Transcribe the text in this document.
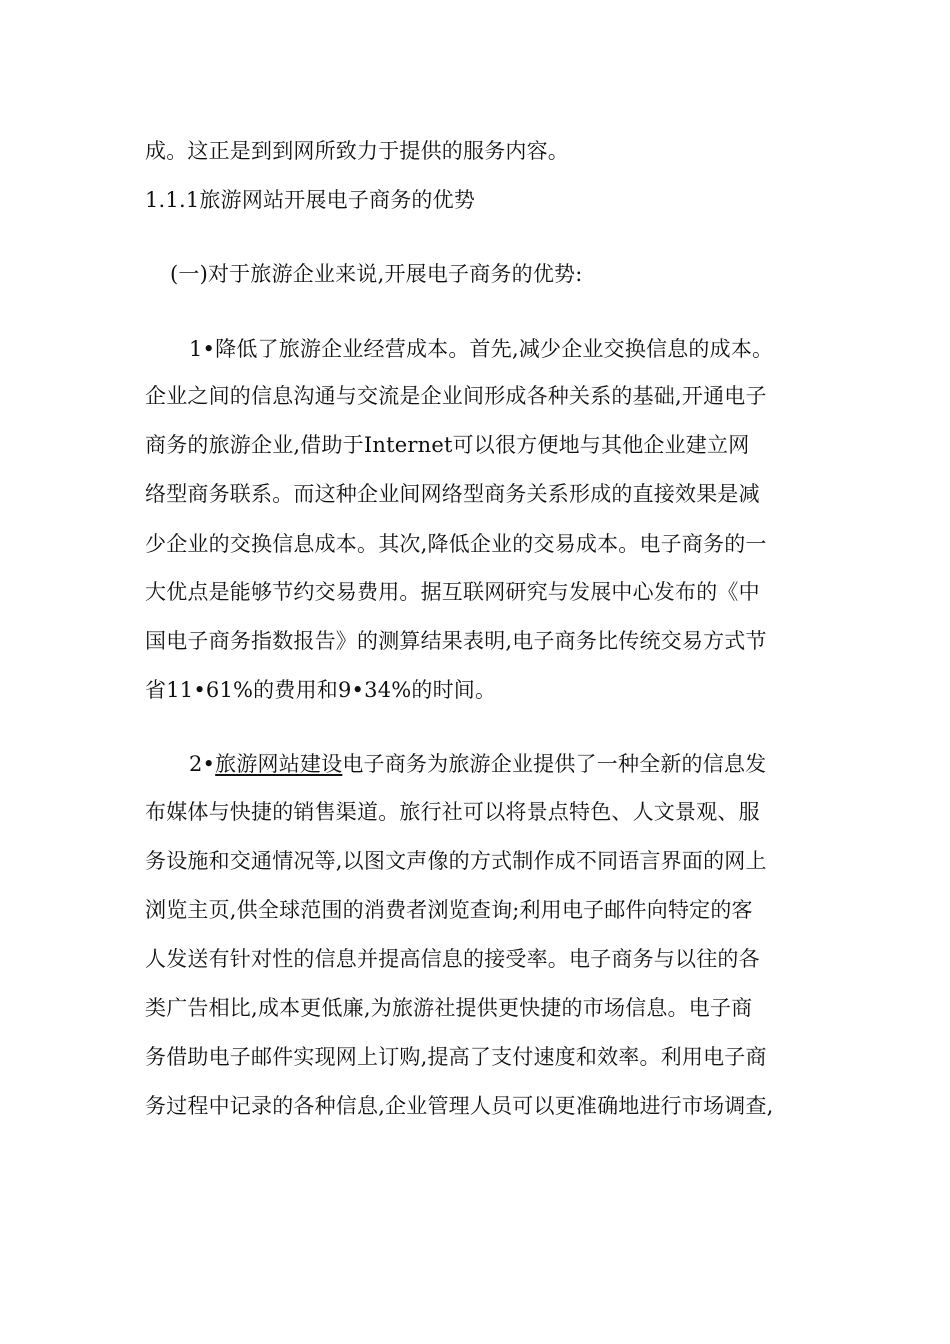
成。这正是到到网所致力于提供的服务内容。
1.1.1旅游网站开展电子商务的优势
(一)对于旅游企业来说,开展电子商务的优势:
1•降低了旅游企业经营成本。首先,减少企业交换信息的成本。
企业之间的信息沟通与交流是企业间形成各种关系的基础,开通电子
商务的旅游企业,借助于Internet可以很方便地与其他企业建立网
络型商务联系。而这种企业间网络型商务关系形成的直接效果是减
少企业的交换信息成本。其次,降低企业的交易成本。电子商务的一
大优点是能够节约交易费用。据互联网研究与发展中心发布的《中
国电子商务指数报告》的测算结果表明,电子商务比传统交易方式节
省11•61%的费用和9•34%的时间。
2•旅游网站建设电子商务为旅游企业提供了一种全新的信息发
布媒体与快捷的销售渠道。旅行社可以将景点特色、人文景观、服
务设施和交通情况等,以图文声像的方式制作成不同语言界面的网上
浏览主页,供全球范围的消费者浏览查询;利用电子邮件向特定的客
人发送有针对性的信息并提高信息的接受率。电子商务与以往的各
类广告相比,成本更低廉,为旅游社提供更快捷的市场信息。电子商
务借助电子邮件实现网上订购,提高了支付速度和效率。利用电子商
务过程中记录的各种信息,企业管理人员可以更准确地进行市场调查,
